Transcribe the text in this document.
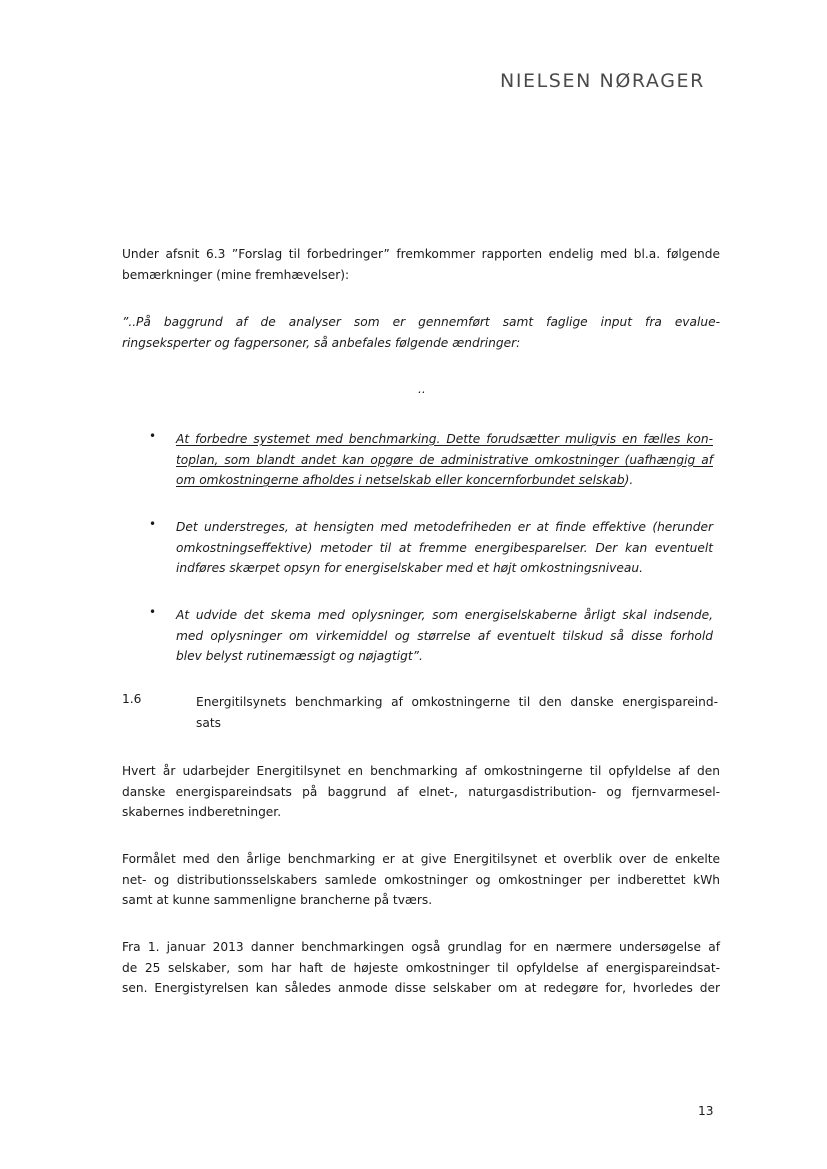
NIELSEN NØRAGER

Under afsnit 6.3 ”Forslag til forbedringer” fremkommer rapporten endelig med bl.a. følgende
bemærkninger (mine fremhævelser):

”..På baggrund af de analyser som er gennemført samt faglige input fra evalue-
ringseksperter og fagpersoner, så anbefales følgende ændringer:

..
• At forbedre systemet med benchmarking. Dette forudsætter muligvis en fælles kon-
toplan, som blandt andet kan opgøre de administrative omkostninger (uafhængig af
om omkostningerne afholdes i netselskab eller koncernforbundet selskab).
• Det understreges, at hensigten med metodefriheden er at finde effektive (herunder
omkostningseffektive) metoder til at fremme energibesparelser. Der kan eventuelt
indføres skærpet opsyn for energiselskaber med et højt omkostningsniveau.
• At udvide det skema med oplysninger, som energiselskaberne årligt skal indsende,
med oplysninger om virkemiddel og størrelse af eventuelt tilskud så disse forhold
blev belyst rutinemæssigt og nøjagtigt”.
1.6	Energitilsynets benchmarking af omkostningerne til den danske energispareind-
sats

Hvert år udarbejder Energitilsynet en benchmarking af omkostningerne til opfyldelse af den
danske energispareindsats på baggrund af elnet-, naturgasdistribution- og fjernvarmesel-
skabernes indberetninger.

Formålet med den årlige benchmarking er at give Energitilsynet et overblik over de enkelte
net- og distributionsselskabers samlede omkostninger og omkostninger per indberettet kWh
samt at kunne sammenligne brancherne på tværs.

Fra 1. januar 2013 danner benchmarkingen også grundlag for en nærmere undersøgelse af
de 25 selskaber, som har haft de højeste omkostninger til opfyldelse af energispareindsat-
sen. Energistyrelsen kan således anmode disse selskaber om at redegøre for, hvorledes der

13
